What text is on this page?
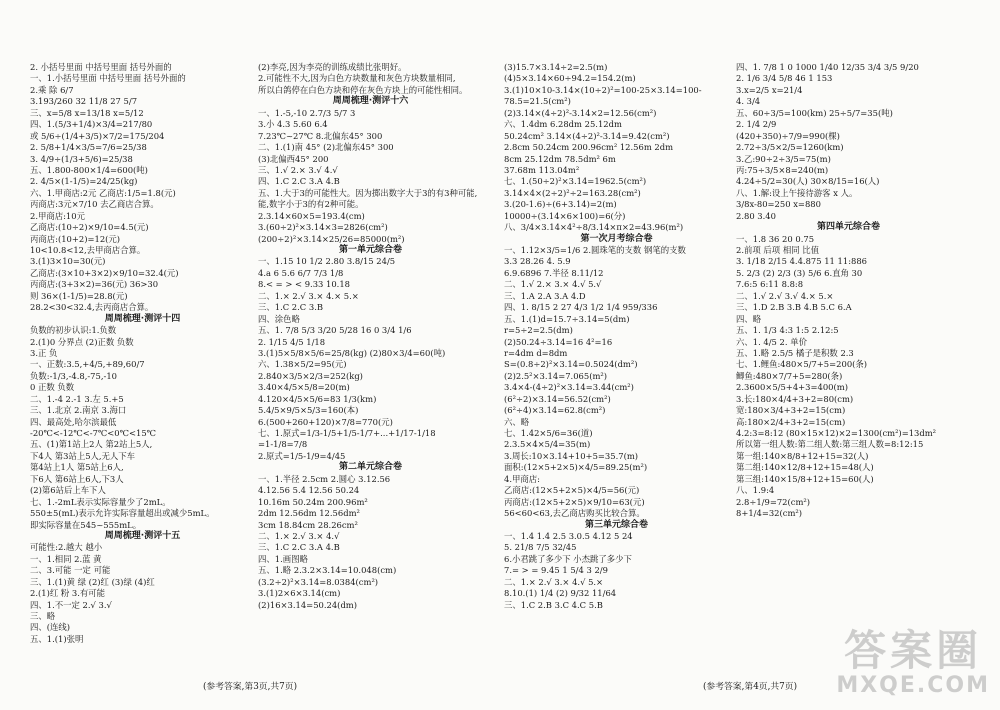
2. 小括号里面 中括号里面 括号外面的
一、1.小括号里面 中括号里面 括号外面的
2.乘 除 6/7
3.193/260 32 11/8 27 5/7
三、x=5/8 x=13/18 x=5/12
四、1.(5/3+1/4)×3/4=217/80
或 5/6÷(1/4+3/5)×7/2=175/204
2. 5/8+1/4×3/5=7/6=25/38
3. 4/9÷(1/3+5/6)=25/38
五、1.800-800×1/4=600(吨)
2. 4/5×(1-1/5)=24/25(kg)
六、1.甲商店:2元 乙商店:1/5=1.8(元)
丙商店:3元×7/10 去乙商店合算。
2.甲商店:10元
乙商店:(10÷2)×9/10=4.5(元)
丙商店:(10+2)=12(元)
10<10.8<12,去甲商店合算。
3.(1)3×10=30(元)
乙商店:(3×10+3×2)×9/10=32.4(元)
丙商店:(3+3×2)=36(元) 36>30
则 36×(1-1/5)=28.8(元)
28.2<30<32.4,去丙商店合算。
周周梳理·测评十四
负数的初步认识:1.负数
2.(1)0 分界点 (2)正数 负数
3.正 负
一、正数:3.5,+4/5,+89,60/7
负数:-1/3,-4.8,-75,-10
0 正数 负数
二、1.-4 2.-1 3.左 5.+5
三、1.北京 2.南京 3.海口
四、最高处,哈尔滨最低
-20℃<-12℃<-7℃<0℃<15℃
五、(1)第1站上2人 第2站上5人,
下4人 第3站上5人,无人下车
第4站上1人 第5站上6人,
下6人 第6站上6人,下3人
(2)第6站后上车下人
七、1.-2mL表示实际容量少了2mL。
550±5(mL)表示允许实际容量超出或减少5mL。
即实际容量在545~555mL。
周周梳理·测评十五
可能性:2.越大 越小
一、1.相同 2.蓝 黄
二、3.可能 一定 可能
三、1.(1)黄 绿 (2)红 (3)绿 (4)红
2.(1)红 粉 3.有可能
四、1.不一定 2.√ 3.√
三、略
四、(连线)
五、1.(1)张明
(2)李亮,因为李亮的训练成绩比张明好。
2.可能性不大,因为白色方块数量和灰色方块数量相同,
所以白鸽停在白色方块和停在灰色方块上的可能性相同。
周周梳理·测评十六
一、1.-5,-10 2.7/3 5/7 3
3.小 4.3 5.60 6.4
7.23℃~27℃ 8.北偏东45° 300
二、1.(1)南 45° (2)北偏东45° 300
(3)北偏西45° 200
三、1.√ 2.× 3.√ 4.√
四、1.C 2.C 3.A 4.B
五、1.大于3的可能性大。因为掷出数字大于3的有3种可能,
能,数字小于3的有2种可能。
2.3.14×60×5=193.4(cm)
3.(60÷2)²×3.14×3=2826(cm²)
(200÷2)²×3.14×25/26=85000(m²)
第一单元综合卷
一、1.15 10 1/2 2.80 3.8/15 24/5
4.a 6 5.6 6/7 7/3 1/8
8.< = > < 9.33 10.18
二、1.× 2.√ 3.× 4.× 5.×
三、1.C 2.C 3.B
四、涂色略
五、1. 7/8 5/3 3/20 5/28 16 0 3/4 1/6
2. 1/15 4/5 1/18
3.(1)5×5/8×5/6=25/8(kg) (2)80×3/4=60(吨)
六、1.38×5/2=95(元)
2.840×3/5×2/3=252(kg)
3.40×4/5×5/8=20(m)
4.120×4/5×5/6=83 1/3(km)
5.4/5×9/5×5/3=160(本)
6.(500+260+120)×7/8=770(元)
七、1.原式=1/3-1/5+1/5-1/7+...+1/17-1/18
=1-1/8=7/8
2.原式=1/5-1/9=4/45
第二单元综合卷
一、1.半径 2.5cm 2.圆心 3.12.56
4.12.56 5.4 12.56 50.24
10.16m 50.24m 200.96m²
2dm 12.56dm 12.56dm²
3cm 18.84cm 28.26cm²
二、1.× 2.√ 3.× 4.√
三、1.C 2.C 3.A 4.B
四、1.画图略
五、1.略 2.3.2×3.14=10.048(cm)
(3.2÷2)²×3.14=8.0384(cm²)
3.(1)2×6×3.14(cm)
(2)16×3.14=50.24(dm)
(参考答案,第3页,共7页)
(3)15.7×3.14÷2=2.5(m)
(4)5×3.14×60÷94.2=154.2(m)
3.(1)10×10-3.14×(10÷2)²=100-25×3.14=100-
78.5=21.5(cm²)
(2)3.14×(4÷2)²-3.14×2=12.56(cm²)
六、1.4dm 6.28dm 25.12dm
50.24cm² 3.14×(4÷2)²-3.14=9.42(cm²)
2.8cm 50.24cm 200.96cm² 12.56m 2dm
8cm 25.12dm 78.5dm² 6m
37.68m 113.04m²
七、1.(50÷2)²×3.14=1962.5(cm²)
3.14×4×(2÷2)²÷2=163.28(cm²)
3.(20-1.6)÷(6+3.14)=2(m)
10000÷(3.14×6×100)=6(分)
八、3/4×3.14×4²÷8/3.14×π×2=43.96(m²)
第一次月考综合卷
一、1.12×3/5=1/6 2.圆珠笔的支数 钢笔的支数
3.3 28.26 4. 5.9
6.9.6896 7.半径 8.11/12
二、1.√ 2.× 3.× 4.√ 5.√
三、1.A 2.A 3.A 4.D
四、1. 8/15 2 27 4/3 1/2 1/4 959/336
五、1.(1)d=15.7÷3.14=5(dm)
r=5÷2=2.5(dm)
(2)50.24÷3.14=16 4²=16
r=4dm d=8dm
S=(0.8÷2)²×3.14=0.5024(dm²)
(2)2.5²×3.14=7.065(m²)
3.4×4-(4÷2)²×3.14=3.44(cm²)
(6²÷2)×3.14=56.52(cm²)
(6²÷4)×3.14=62.8(cm²)
六、略
七、1.42×5/6=36(道)
2.3.5×4×5/4=35(m)
3.周长:10×3.14+10+5=35.7(m)
面积:(12×5+2×5)×4/5=89.25(m²)
4.甲商店:
乙商店:(12×5+2×5)×4/5=56(元)
丙商店:(12×5+2×5)×9/10=63(元)
56<60<63,去乙商店购买比较合算。
第三单元综合卷
一、1.4 1.4 2.5 3.0.5 4.12 5 24
5. 21/8 7/5 32/45
6.小君跳了多少下 小杰跳了多少下
7.= > = 9.45 1 5/4 3 2/9
二、1.× 2.√ 3.× 4.√ 5.×
8.10.(1) 1/4 (2) 9/32 11/64
三、1.C 2.B 3.C 4.C 5.B
四、1. 7/8 1 0 1000 1/40 12/35 3/4 3/5 9/20
2. 1/6 3/4 5/8 46 1 153
3.x=2/5 x=21/4
4. 3/4
五、60÷3/5=100(km) 25÷5/7=35(吨)
2. 1/4 2/9
(420+350)÷7/9=990(棵)
2.72÷3/5×2/5=1260(km)
3.乙:90÷2÷3/5=75(m)
丙:75÷3/5×8=240(m)
4.24÷5/2=30(人) 30×8/15=16(人)
八、1.解:设上午接待游客 x 人。
3/8x-80=250 x=880
2.80 3.40
第四单元综合卷
一、1.8 36 20 0.75
2.前项 后项 相同 比值
3. 1/18 2/15 4.4.875 11 11:886
5. 2/3 (2) 2/3 (3) 5/6 6.直角 30
7.6:5 6:11 8.8:8
二、1.√ 2.√ 3.√ 4.× 5.×
三、1.D 2.B 3.B 4.B 5.C 6.A
四、略
五、1. 1/3 4:3 1:5 2.12:5
六、1. 4/5 2. 单价
五、1.略 2.5/5 橘子是积数 2.3
七、1.鲤鱼:480×5/7+5=200(条)
鲫鱼:480×7/7+5=280(条)
2.3600×5/5+4+3=400(m)
3.长:180×4/4+3+2=80(cm)
宽:180×3/4+3+2=15(cm)
高:180×2/4+3+2=15(cm)
4.2:3=8:12 (80×15×12)×2=1300(cm²)=13dm²
所以第一组人数:第二组人数:第三组人数=8:12:15
第一组:140×8/8+12+15=32(人)
第二组:140×12/8+12+15=48(人)
第三组:140×15/8+12+15=60(人)
八、1.9:4
2.8÷1/9=72(cm²)
8+1/4=32(cm²)
(参考答案,第4页,共7页)
答案圈
MXQE.COM
